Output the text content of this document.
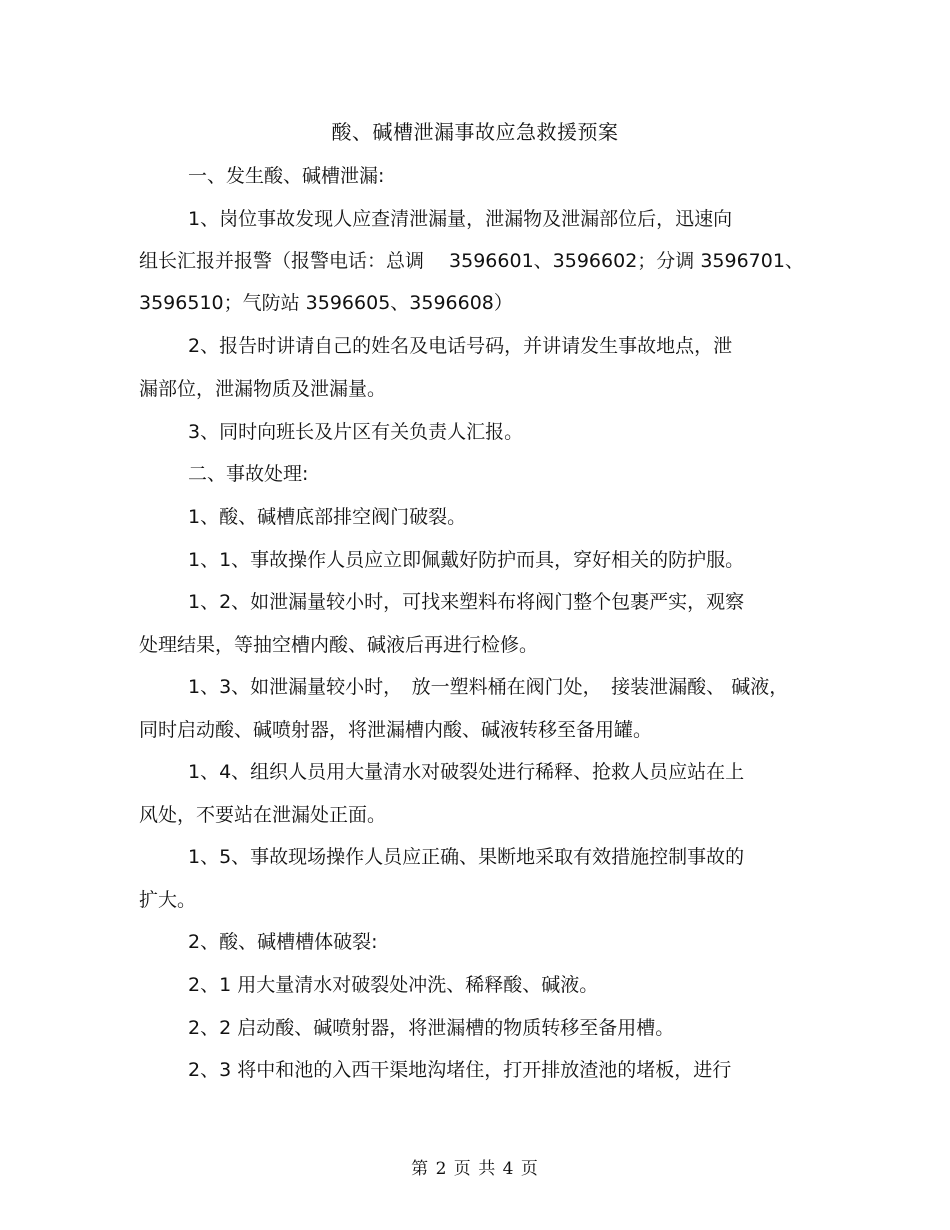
酸、碱槽泄漏事故应急救援预案
一、发生酸、碱槽泄漏:
1、岗位事故发现人应查清泄漏量，泄漏物及泄漏部位后，迅速向
组长汇报并报警（报警电话：总调　 3596601、3596602；分调 3596701、
3596510；气防站 3596605、3596608）
2、报告时讲请自己的姓名及电话号码，并讲请发生事故地点，泄
漏部位，泄漏物质及泄漏量。
3、同时向班长及片区有关负责人汇报。
二、事故处理:
1、酸、碱槽底部排空阀门破裂。
1、1、事故操作人员应立即佩戴好防护而具，穿好相关的防护服。
1、2、如泄漏量较小时，可找来塑料布将阀门整个包裹严实，观察
处理结果，等抽空槽内酸、碱液后再进行检修。
1、3、如泄漏量较小时，　放一塑料桶在阀门处，　接装泄漏酸、 碱液，
同时启动酸、碱喷射器，将泄漏槽内酸、碱液转移至备用罐。
1、4、组织人员用大量清水对破裂处进行稀释、抢救人员应站在上
风处，不要站在泄漏处正面。
1、5、事故现场操作人员应正确、果断地采取有效措施控制事故的
扩大。
2、酸、碱槽槽体破裂:
2、1 用大量清水对破裂处冲洗、稀释酸、碱液。
2、2 启动酸、碱喷射器，将泄漏槽的物质转移至备用槽。
2、3 将中和池的入西干渠地沟堵住，打开排放渣池的堵板，进行
第 2 页 共 4 页
